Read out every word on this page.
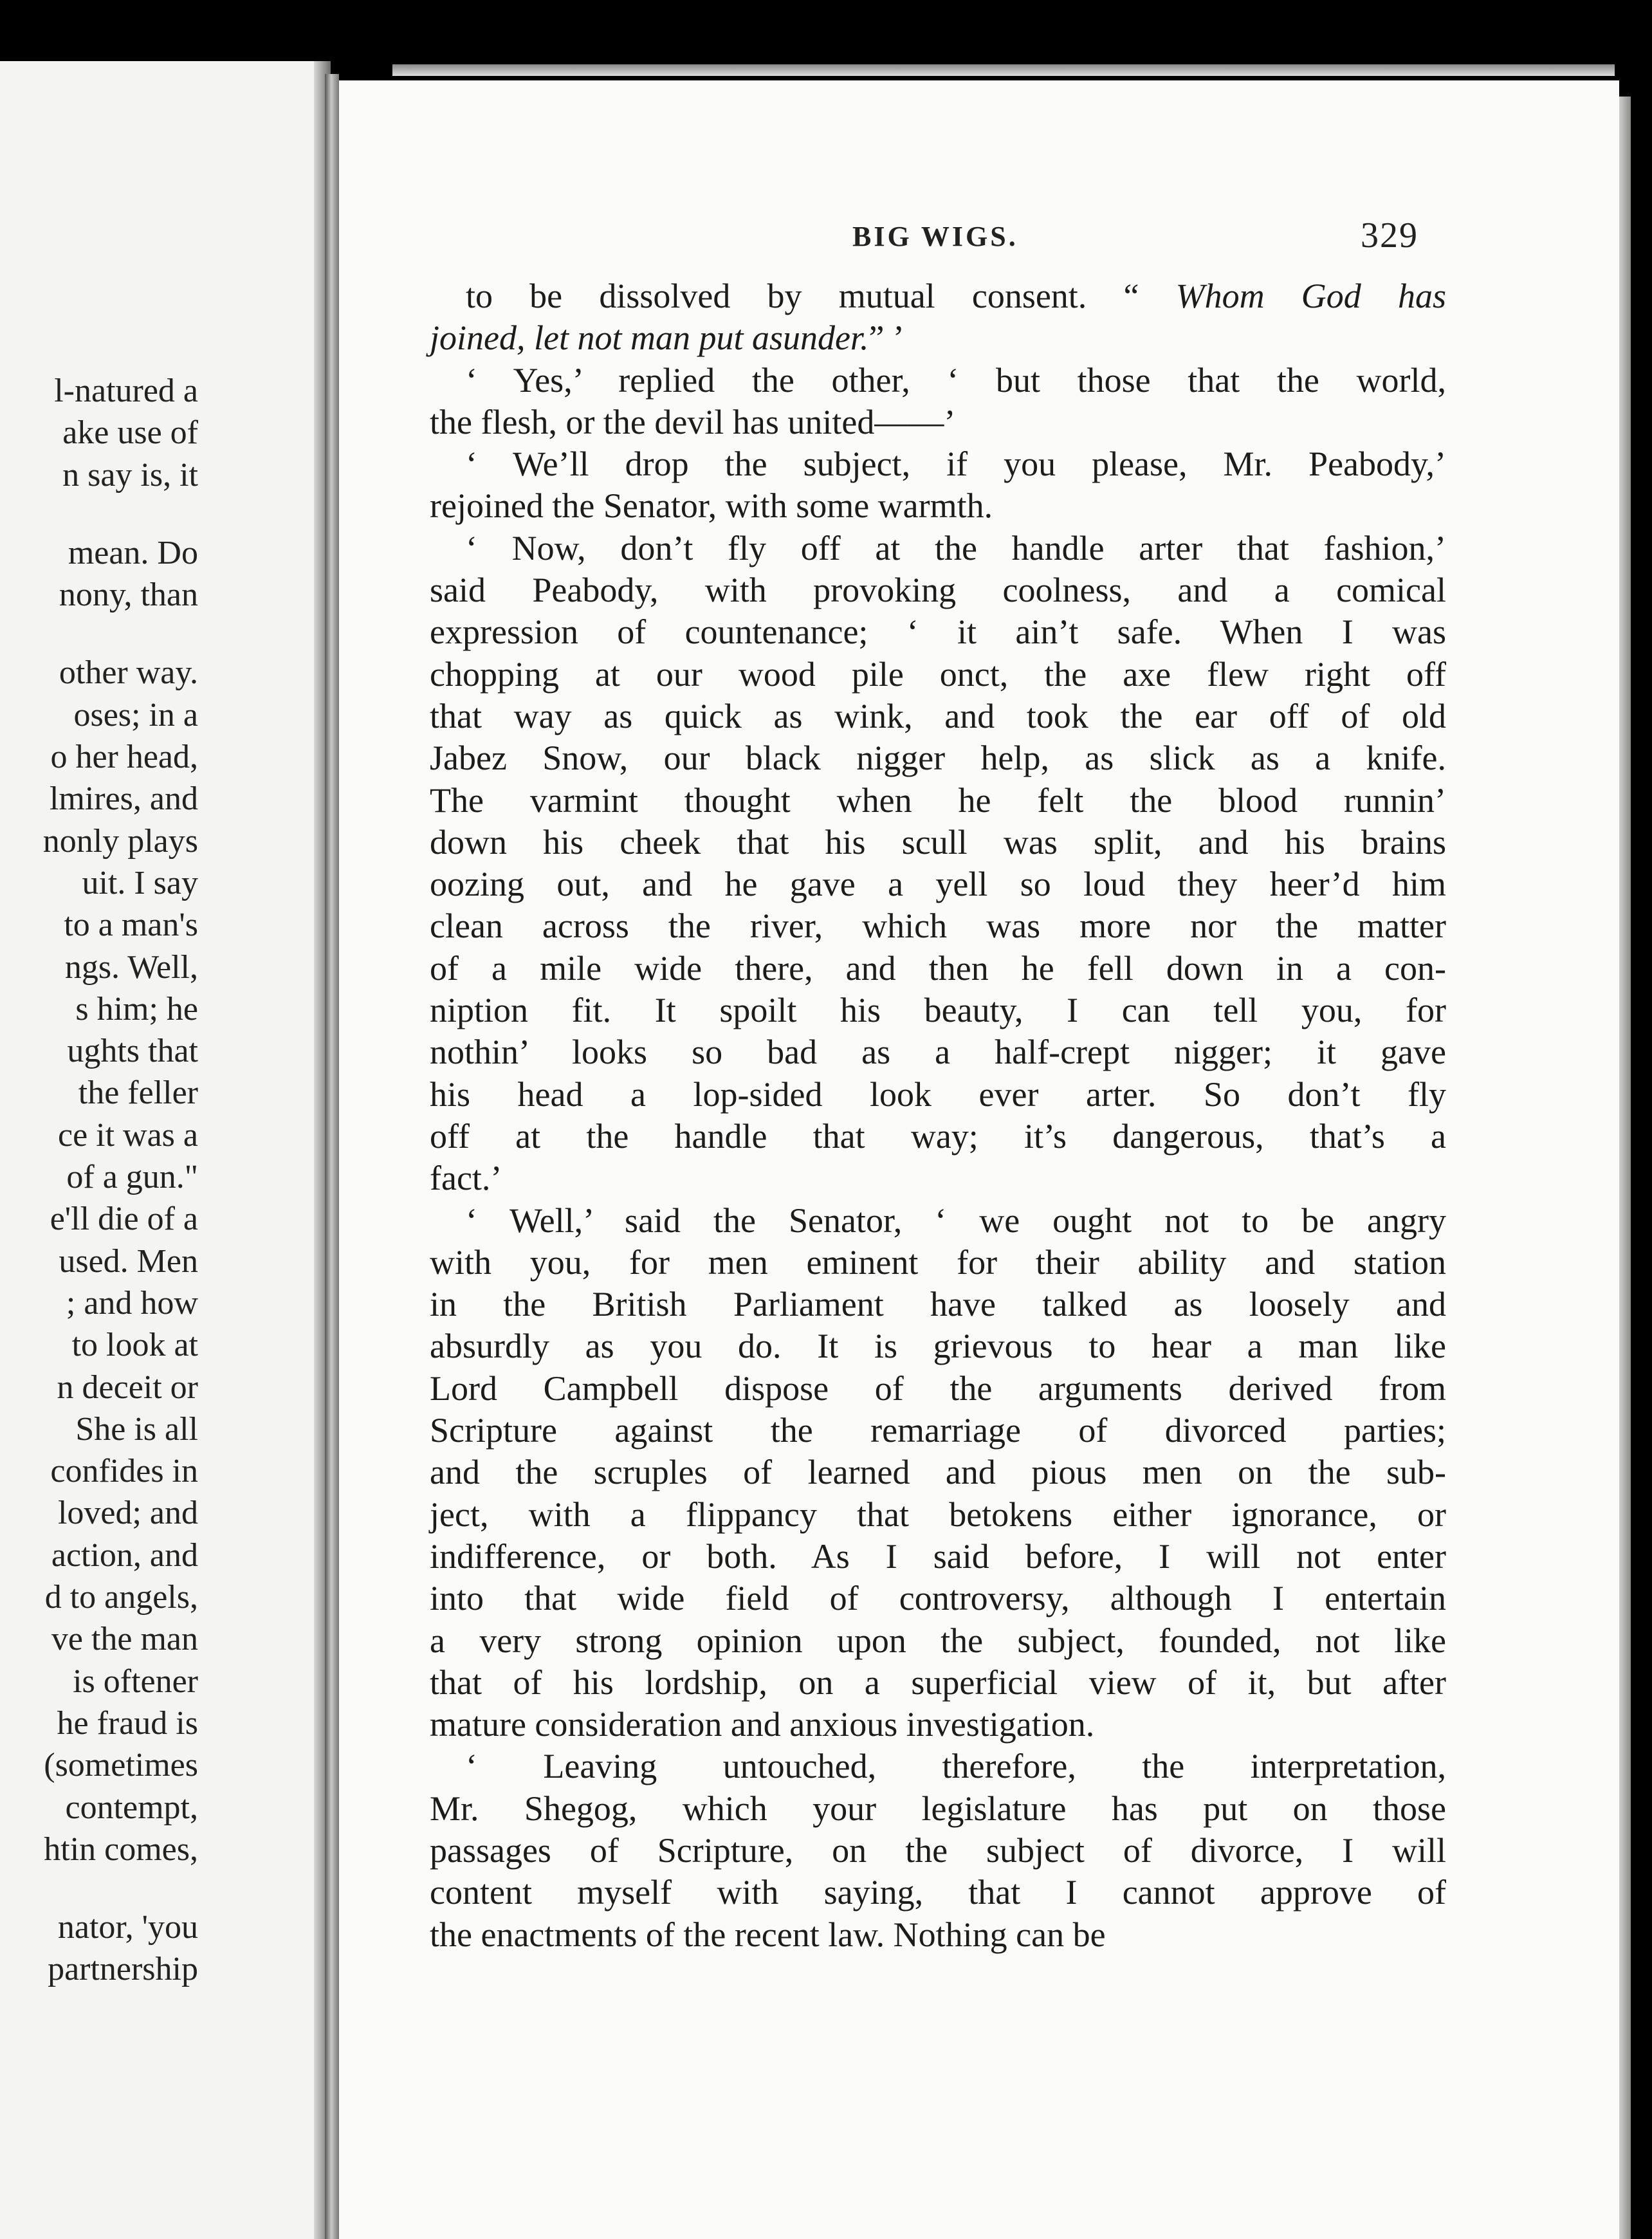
l-natured a
ake use of
n say is, it
mean. Do
nony, than
other way.
oses; in a
o her head,
lmires, and
nonly plays
uit. I say
to a man's
ngs. Well,
s him; he
ughts that
the feller
ce it was a
of a gun."
e'll die of a
used. Men
; and how
to look at
n deceit or
She is all
confides in
loved; and
action, and
d to angels,
ve the man
is oftener
he fraud is
(sometimes
contempt,
htin comes,
nator, 'you
partnership
BIG WIGS.	329

to be dissolved by mutual consent. “ Whom God has
joined, let not man put asunder.” ’

‘ Yes,’ replied the other, ‘ but those that the world,
the flesh, or the devil has united——’

‘ We’ll drop the subject, if you please, Mr. Peabody,’
rejoined the Senator, with some warmth.

‘ Now, don’t fly off at the handle arter that fashion,’
said Peabody, with provoking coolness, and a comical
expression of countenance; ‘ it ain’t safe. When I was
chopping at our wood pile onct, the axe flew right off
that way as quick as wink, and took the ear off of old
Jabez Snow, our black nigger help, as slick as a knife.
The varmint thought when he felt the blood runnin’
down his cheek that his scull was split, and his brains
oozing out, and he gave a yell so loud they heer’d him
clean across the river, which was more nor the matter
of a mile wide there, and then he fell down in a con-
niption fit. It spoilt his beauty, I can tell you, for
nothin’ looks so bad as a half-crept nigger; it gave
his head a lop-sided look ever arter. So don’t fly
off at the handle that way; it’s dangerous, that’s a
fact.’

‘ Well,’ said the Senator, ‘ we ought not to be angry
with you, for men eminent for their ability and station
in the British Parliament have talked as loosely and
absurdly as you do. It is grievous to hear a man like
Lord Campbell dispose of the arguments derived from
Scripture against the remarriage of divorced parties;
and the scruples of learned and pious men on the sub-
ject, with a flippancy that betokens either ignorance, or
indifference, or both. As I said before, I will not enter
into that wide field of controversy, although I entertain
a very strong opinion upon the subject, founded, not like
that of his lordship, on a superficial view of it, but after
mature consideration and anxious investigation.

‘ Leaving untouched, therefore, the interpretation,
Mr. Shegog, which your legislature has put on those
passages of Scripture, on the subject of divorce, I will
content myself with saying, that I cannot approve of
the enactments of the recent law. Nothing can be
